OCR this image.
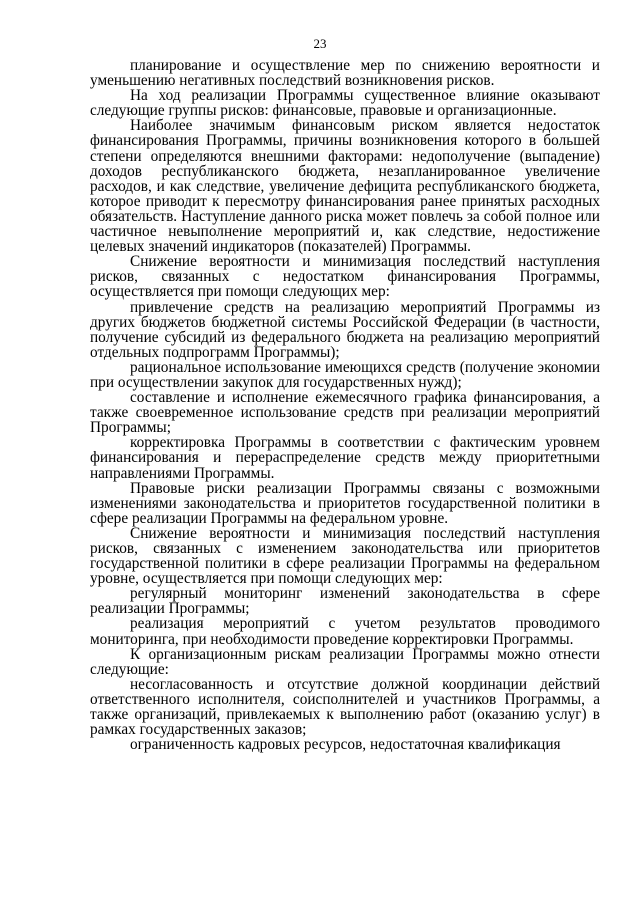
23

планирование и осуществление мер по снижению вероятности и уменьшению негативных последствий возникновения рисков.

На ход реализации Программы существенное влияние оказывают следующие группы рисков: финансовые, правовые и организационные.

Наиболее значимым финансовым риском является недостаток финансирования Программы, причины возникновения которого в большей степени определяются внешними факторами: недополучение (выпадение) доходов республиканского бюджета, незапланированное увеличение расходов, и как следствие, увеличение дефицита республиканского бюджета, которое приводит к пересмотру финансирования ранее принятых расходных обязательств. Наступление данного риска может повлечь за собой полное или частичное невыполнение мероприятий и, как следствие, недостижение целевых значений индикаторов (показателей) Программы.

Снижение вероятности и минимизация последствий наступления рисков, связанных с недостатком финансирования Программы, осуществляется при помощи следующих мер:

привлечение средств на реализацию мероприятий Программы из других бюджетов бюджетной системы Российской Федерации (в частности, получение субсидий из федерального бюджета на реализацию мероприятий отдельных подпрограмм Программы);

рациональное использование имеющихся средств (получение экономии при осуществлении закупок для государственных нужд);

составление и исполнение ежемесячного графика финансирования, а также своевременное использование средств при реализации мероприятий Программы;

корректировка Программы в соответствии с фактическим уровнем финансирования и перераспределение средств между приоритетными направлениями Программы.

Правовые риски реализации Программы связаны с возможными изменениями законодательства и приоритетов государственной политики в сфере реализации Программы на федеральном уровне.

Снижение вероятности и минимизация последствий наступления рисков, связанных с изменением законодательства или приоритетов государственной политики в сфере реализации Программы на федеральном уровне, осуществляется при помощи следующих мер:

регулярный мониторинг изменений законодательства в сфере реализации Программы;

реализация мероприятий с учетом результатов проводимого мониторинга, при необходимости проведение корректировки Программы.

К организационным рискам реализации Программы можно отнести следующие:

несогласованность и отсутствие должной координации действий ответственного исполнителя, соисполнителей и участников Программы, а также организаций, привлекаемых к выполнению работ (оказанию услуг) в рамках государственных заказов;

ограниченность кадровых ресурсов, недостаточная квалификация
